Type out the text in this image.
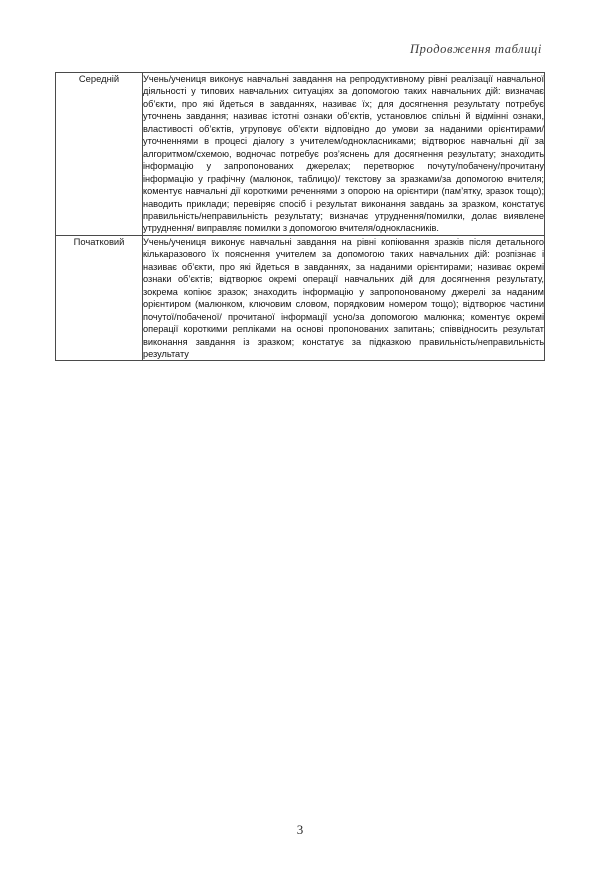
Продовження таблиці
Середній	Учень/учениця виконує навчальні завдання на репродуктивному рівні реалізації навчальної діяльності у типових навчальних ситуаціях за допомогою таких навчальних дій: визначає об’єкти, про які йдеться в завданнях, називає їх; для досягнення результату потребує уточнень завдання; називає істотні ознаки об’єктів, установлює спільні й відмінні ознаки, властивості об’єктів, угруповує об’єкти відповідно до умови за наданими орієнтирами/уточненнями в процесі діалогу з учителем/однокласниками; відтворює навчальні дії за алгоритмом/схемою, водночас потребує роз’яснень для досягнення результату; знаходить інформацію у запропонованих джерелах; перетворює почуту/побачену/прочитану інформацію у графічну (малюнок, таблицю)/ текстову за зразками/за допомогою вчителя; коментує навчальні дії короткими реченнями з опорою на орієнтири (пам’ятку, зразок тощо); наводить приклади; перевіряє спосіб і результат виконання завдань за зразком, констатує правильність/неправильність результату; визначає утруднення/помилки, долає виявлене утруднення/ виправляє помилки з допомогою вчителя/однокласників.

Початковий	Учень/учениця виконує навчальні завдання на рівні копіювання зразків після детального кількаразового їх пояснення учителем за допомогою таких навчальних дій: розпізнає і називає об’єкти, про які йдеться в завданнях, за наданими орієнтирами; називає окремі ознаки об’єктів; відтворює окремі операції навчальних дій для досягнення результату, зокрема копіює зразок; знаходить інформацію у запропонованому джерелі за наданим орієнтиром (малюнком, ключовим словом, порядковим номером тощо); відтворює частини почутої/побаченої/ прочитаної інформації усно/за допомогою малюнка; коментує окремі операції короткими репліками на основі пропонованих запитань; співвідносить результат виконання завдання із зразком; констатує за підказкою правильність/неправильність результату

3
